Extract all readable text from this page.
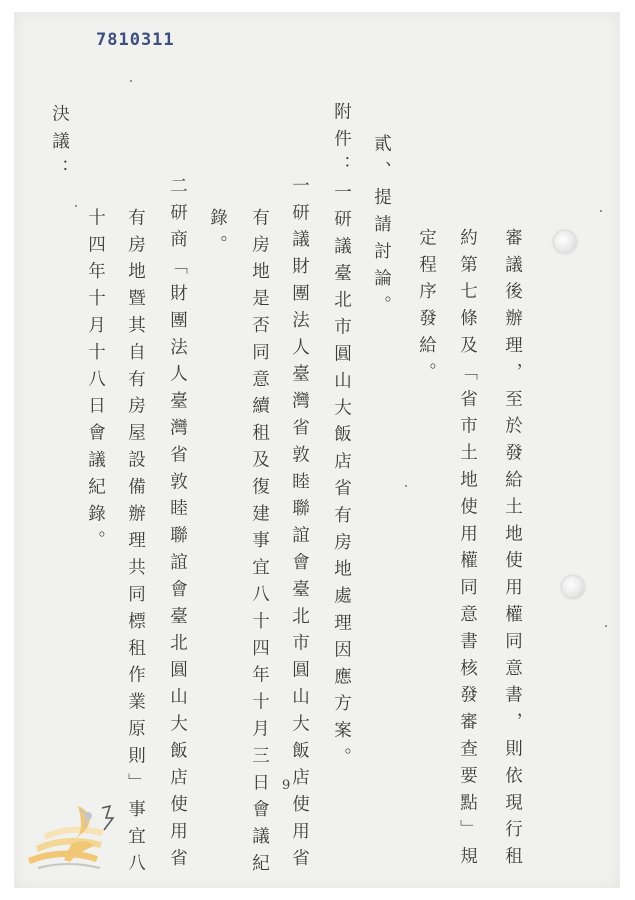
7810311
審議後辦理，至於發給土地使用權同意書，則依現行租
約第七條及「省市土地使用權同意書核發審查要點」規
定程序發給。
貳、提請討論。
附件：一研議臺北市圓山大飯店省有房地處理因應方案。
一研議財團法人臺灣省敦睦聯誼會臺北市圓山大飯店使用省
有房地是否同意續租及復建事宜八十四年十月三日會議紀
錄。
二研商「財團法人臺灣省敦睦聯誼會臺北圓山大飯店使用省
有房地暨其自有房屋設備辦理共同標租作業原則」事宜八
十四年十月十八日會議紀錄。
決議：
9
